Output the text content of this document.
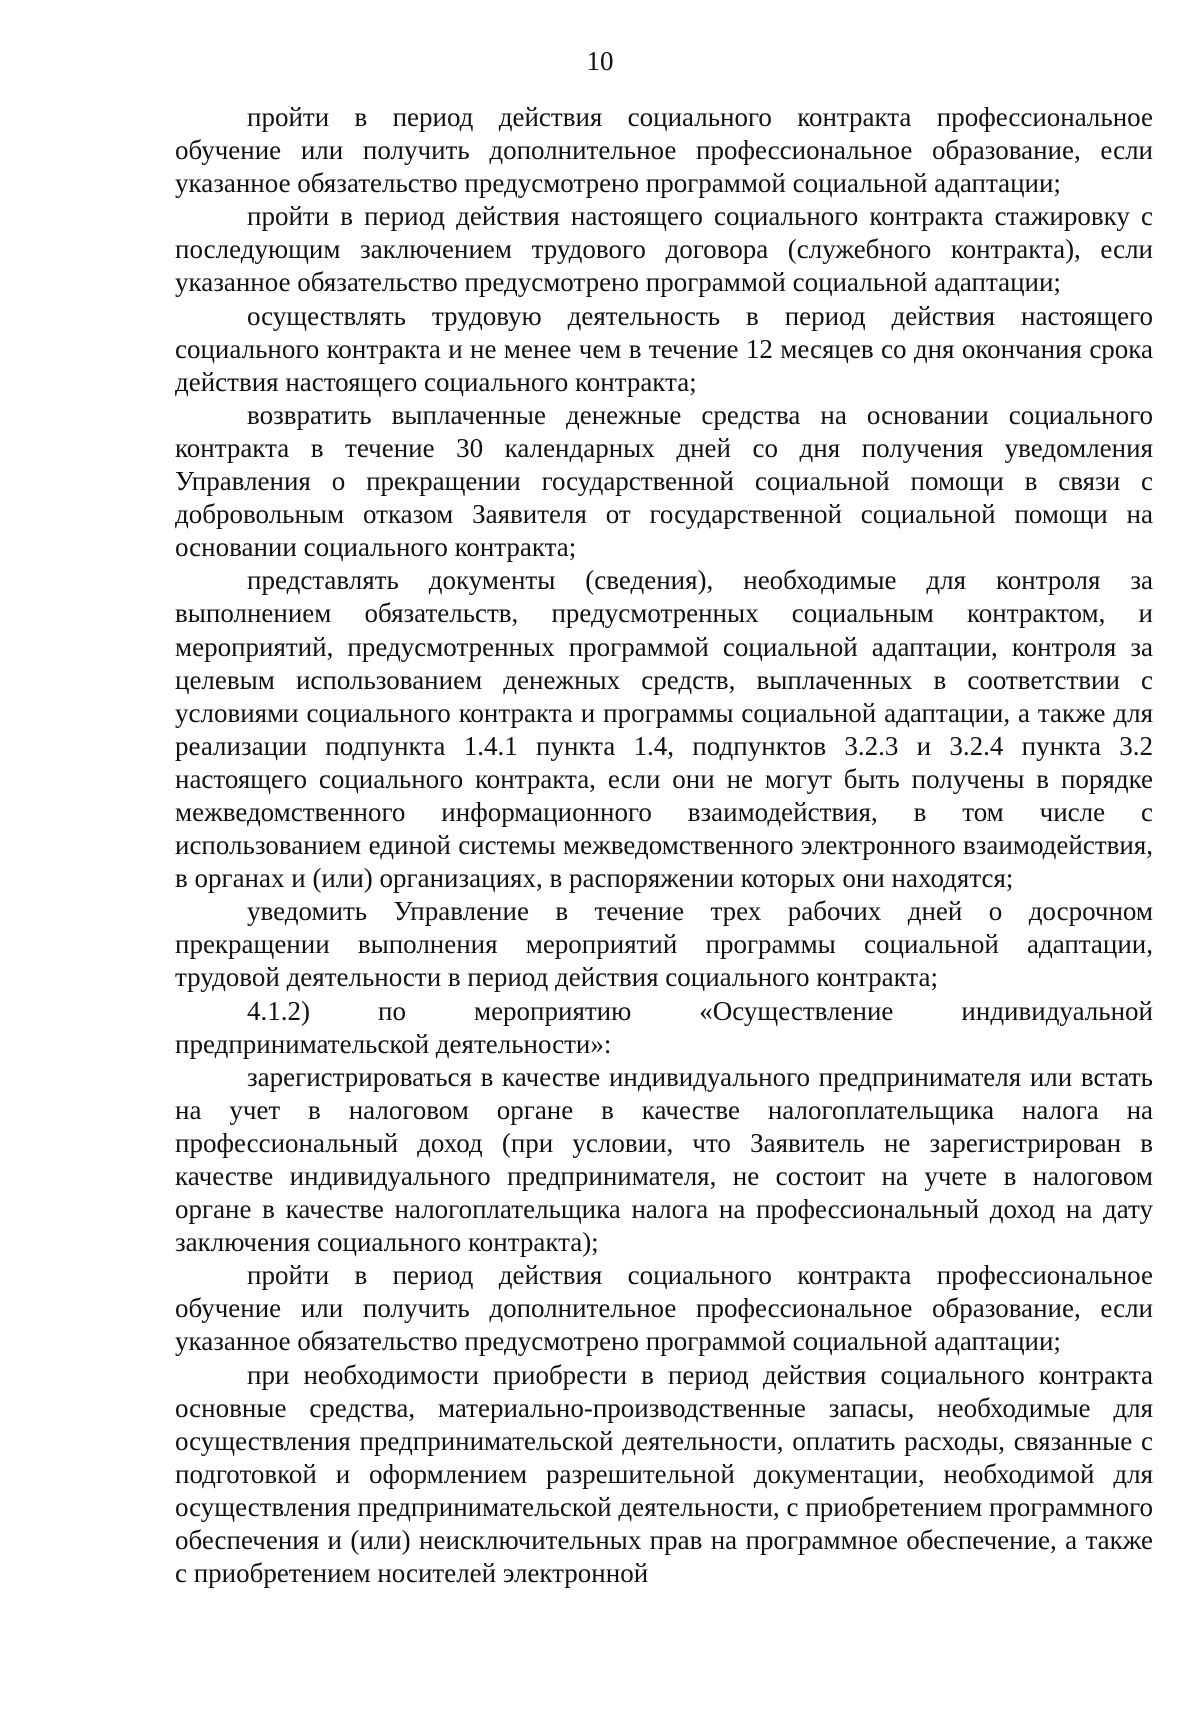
10

пройти в период действия социального контракта профессиональное обучение или получить дополнительное профессиональное образование, если указанное обязательство предусмотрено программой социальной адаптации;

пройти в период действия настоящего социального контракта стажировку с последующим заключением трудового договора (служебного контракта), если указанное обязательство предусмотрено программой социальной адаптации;

осуществлять трудовую деятельность в период действия настоящего социального контракта и не менее чем в течение 12 месяцев со дня окончания срока действия настоящего социального контракта;

возвратить выплаченные денежные средства на основании социального контракта в течение 30 календарных дней со дня получения уведомления Управления о прекращении государственной социальной помощи в связи с добровольным отказом Заявителя от государственной социальной помощи на основании социального контракта;

представлять документы (сведения), необходимые для контроля за выполнением обязательств, предусмотренных социальным контрактом, и мероприятий, предусмотренных программой социальной адаптации, контроля за целевым использованием денежных средств, выплаченных в соответствии с условиями социального контракта и программы социальной адаптации, а также для реализации подпункта 1.4.1 пункта 1.4, подпунктов 3.2.3 и 3.2.4 пункта 3.2 настоящего социального контракта, если они не могут быть получены в порядке межведомственного информационного взаимодействия, в том числе с использованием единой системы межведомственного электронного взаимодействия, в органах и (или) организациях, в распоряжении которых они находятся;

уведомить Управление в течение трех рабочих дней о досрочном прекращении выполнения мероприятий программы социальной адаптации, трудовой деятельности в период действия социального контракта;

4.1.2) по мероприятию «Осуществление индивидуальной предпринимательской деятельности»:

зарегистрироваться в качестве индивидуального предпринимателя или встать на учет в налоговом органе в качестве налогоплательщика налога на профессиональный доход (при условии, что Заявитель не зарегистрирован в качестве индивидуального предпринимателя, не состоит на учете в налоговом органе в качестве налогоплательщика налога на профессиональный доход на дату заключения социального контракта);

пройти в период действия социального контракта профессиональное обучение или получить дополнительное профессиональное образование, если указанное обязательство предусмотрено программой социальной адаптации;

при необходимости приобрести в период действия социального контракта основные средства, материально-производственные запасы, необходимые для осуществления предпринимательской деятельности, оплатить расходы, связанные с подготовкой и оформлением разрешительной документации, необходимой для осуществления предпринимательской деятельности, с приобретением программного обеспечения и (или) неисключительных прав на программное обеспечение, а также с приобретением носителей электронной
